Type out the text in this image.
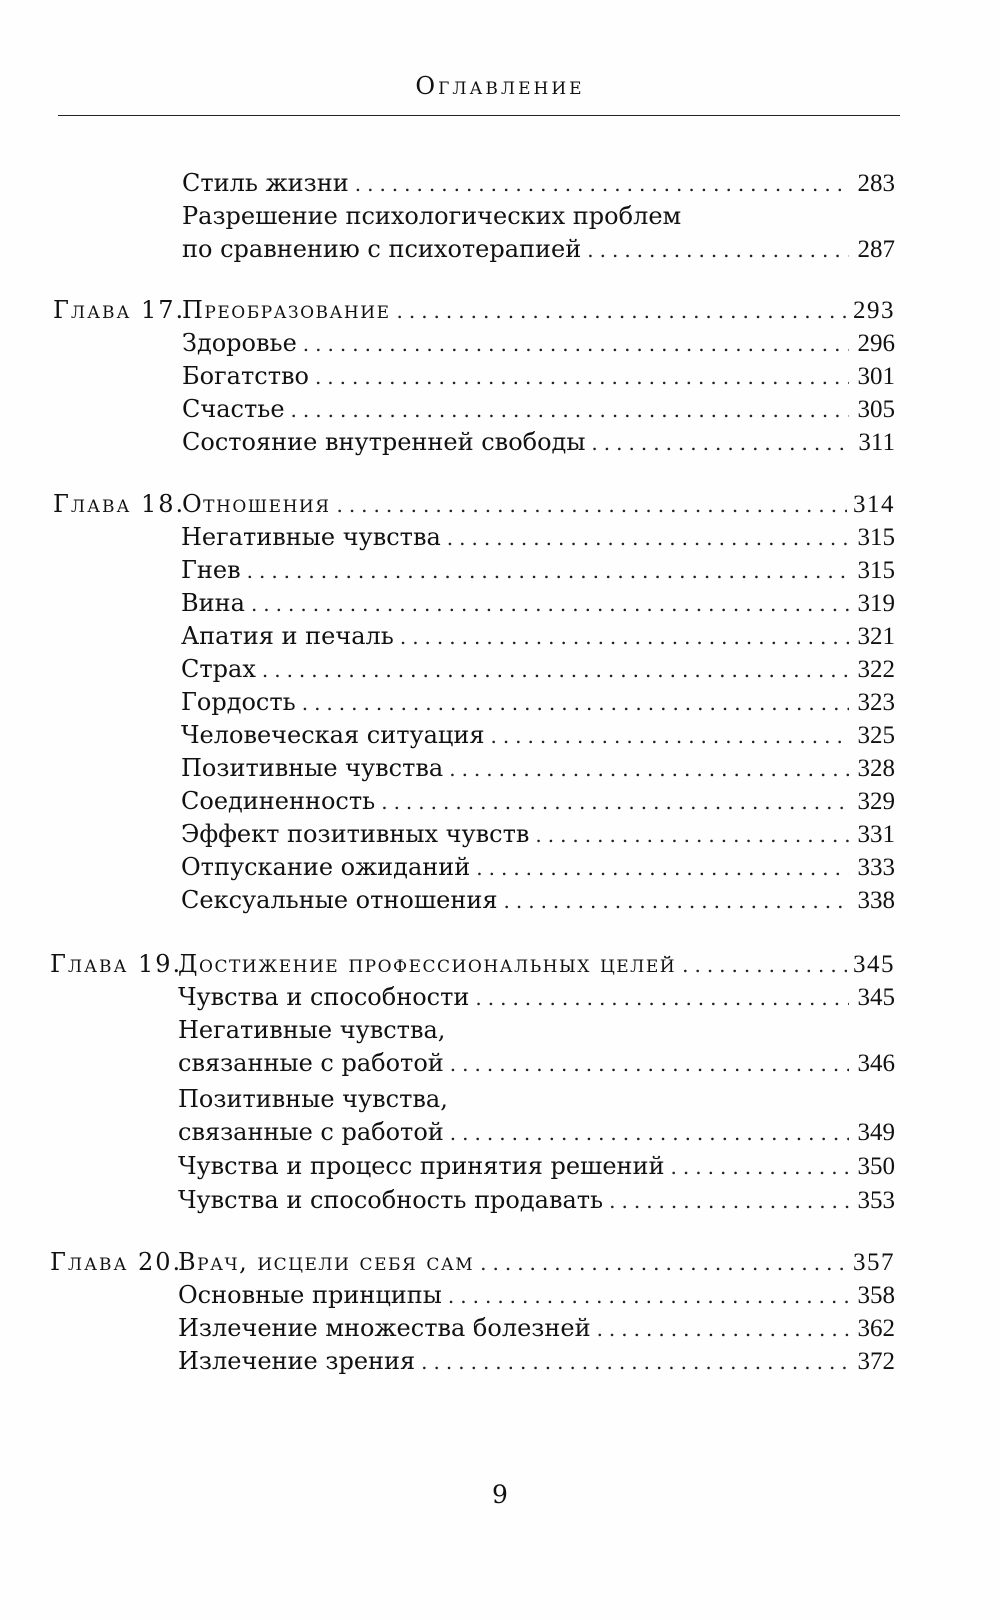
Оглавление
Стиль жизни .....	283
Разрешение психологических проблем
по сравнению с психотерапией .....	287
Глава 17.
Преобразование .....	293
Здоровье .....	296
Богатство .....	301
Счастье .....	305
Состояние внутренней свободы .....	311
Глава 18.
Отношения .....	314
Негативные чувства .....	315
Гнев .....	315
Вина .....	319
Апатия и печаль .....	321
Страх .....	322
Гордость .....	323
Человеческая ситуация .....	325
Позитивные чувства .....	328
Соединенность .....	329
Эффект позитивных чувств .....	331
Отпускание ожиданий .....	333
Сексуальные отношения .....	338
Глава 19.
Достижение профессиональных целей .....	345
Чувства и способности .....	345
Негативные чувства,
связанные с работой .....	346
Позитивные чувства,
связанные с работой .....	349
Чувства и процесс принятия решений .....	350
Чувства и способность продавать .....	353
Глава 20.
Врач, исцели себя сам .....	357
Основные принципы .....	358
Излечение множества болезней .....	362
Излечение зрения .....	372
9
